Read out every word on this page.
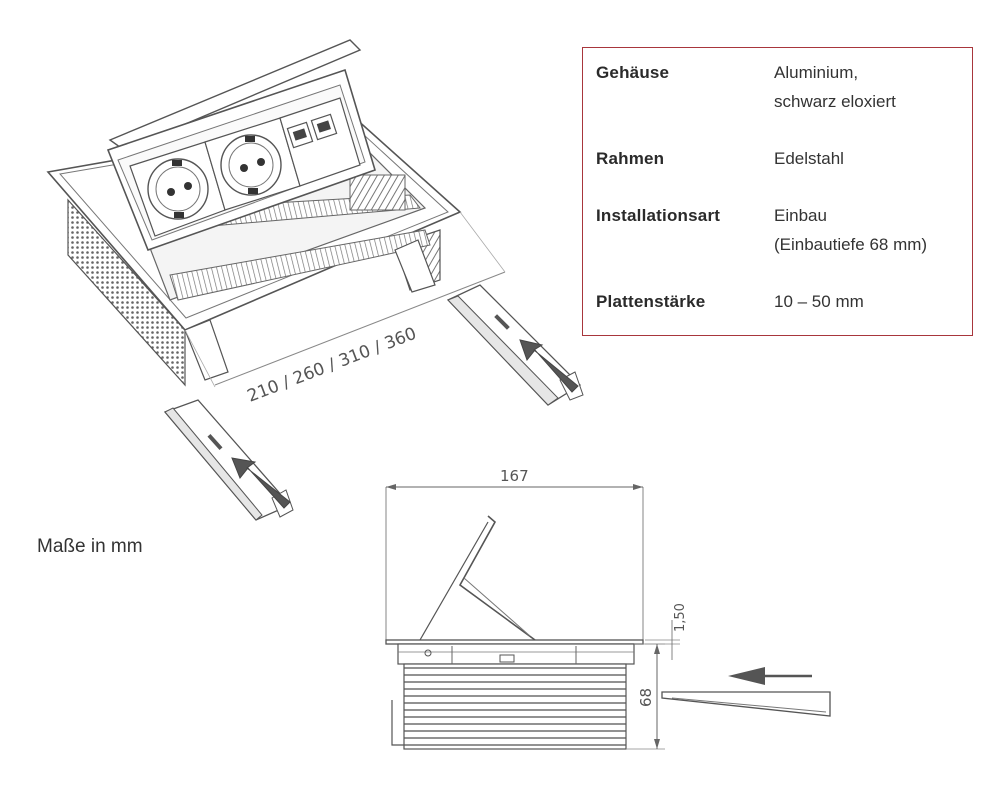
210 / 260 / 310 / 360
Gehäuse	Aluminium,
schwarz eloxiert
Rahmen	Edelstahl
Installationsart	Einbau
(Einbautiefe 68 mm)
Plattenstärke	10 – 50 mm
Maße in mm
167
1,50
68
